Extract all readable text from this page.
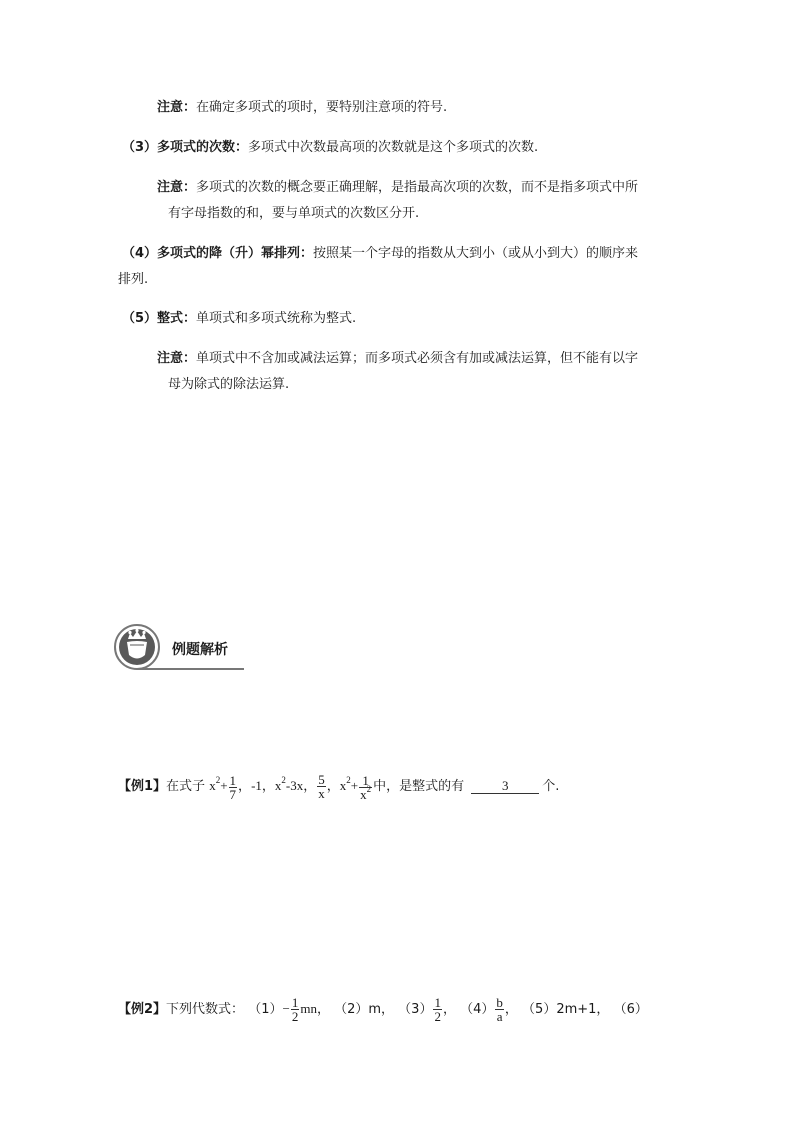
注意：在确定多项式的项时，要特别注意项的符号.
（3）多项式的次数：多项式中次数最高项的次数就是这个多项式的次数.
注意：多项式的次数的概念要正确理解，是指最高次项的次数，而不是指多项式中所
有字母指数的和，要与单项式的次数区分开.
（4）多项式的降（升）幂排列：按照某一个字母的指数从大到小（或从小到大）的顺序来
排列.
（5）整式：单项式和多项式统称为整式.
注意：单项式中不含加或减法运算；而多项式必须含有加或减法运算，但不能有以字
母为除式的除法运算.
例题解析
【例1】在式子 $x^2+ \frac{1}{7}$ ，-1，$x^2-3x$， $\frac{5}{x}$ ，$x^2+ \frac{1}{x^2}$ 中，是整式的有	3	个.
【例2】下列代数式： $(1)- \frac{1}{2}$ mn， （2）m， $(3) \frac{1}{2}$ ， $(4) \frac{b}{a}$ ， （5）2m+1， （6）
